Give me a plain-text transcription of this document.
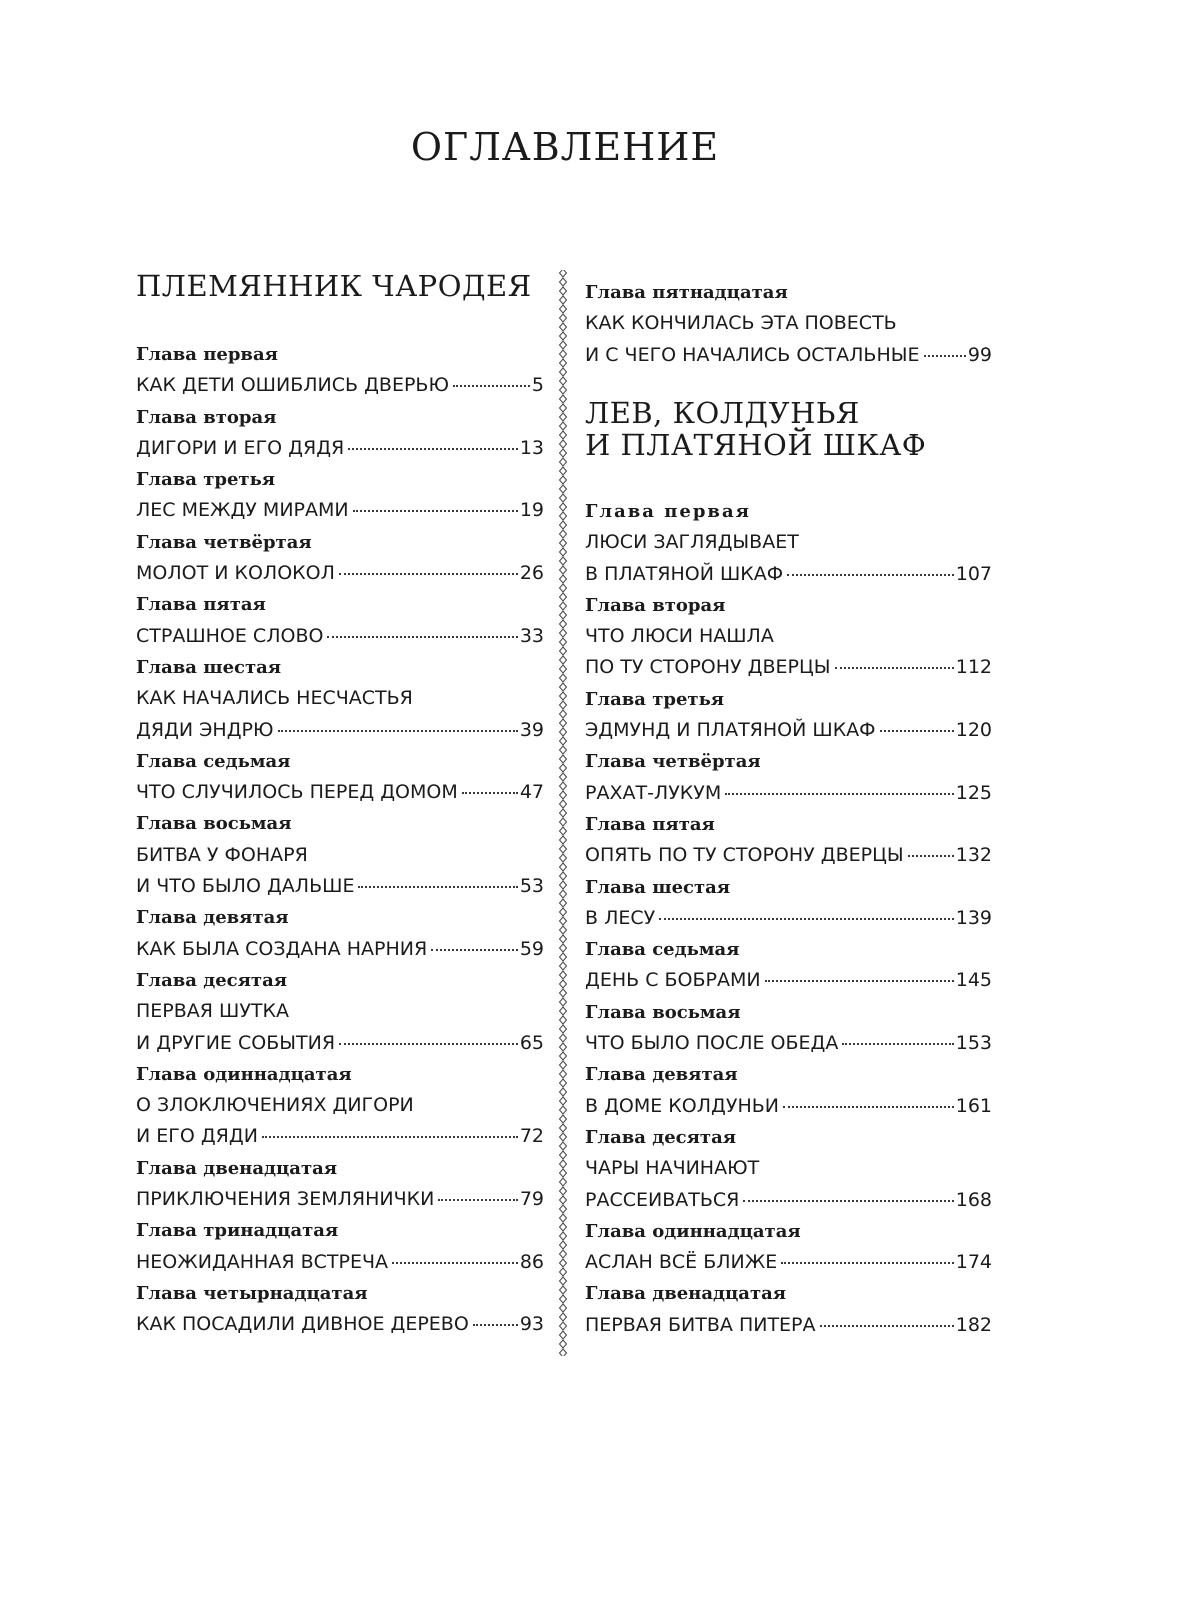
ОГЛАВЛЕНИЕ
ПЛЕМЯННИК ЧАРОДЕЯ
Глава первая
КАК ДЕТИ ОШИБЛИСЬ ДВЕРЬЮ	5
Глава вторая
ДИГОРИ И ЕГО ДЯДЯ	13
Глава третья
ЛЕС МЕЖДУ МИРАМИ	19
Глава четвёртая
МОЛОТ И КОЛОКОЛ	26
Глава пятая
СТРАШНОЕ СЛОВО	33
Глава шестая
КАК НАЧАЛИСЬ НЕСЧАСТЬЯ
ДЯДИ ЭНДРЮ	39
Глава седьмая
ЧТО СЛУЧИЛОСЬ ПЕРЕД ДОМОМ	47
Глава восьмая
БИТВА У ФОНАРЯ
И ЧТО БЫЛО ДАЛЬШЕ	53
Глава девятая
КАК БЫЛА СОЗДАНА НАРНИЯ	59
Глава десятая
ПЕРВАЯ ШУТКА
И ДРУГИЕ СОБЫТИЯ	65
Глава одиннадцатая
О ЗЛОКЛЮЧЕНИЯХ ДИГОРИ
И ЕГО ДЯДИ	72
Глава двенадцатая
ПРИКЛЮЧЕНИЯ ЗЕМЛЯНИЧКИ	79
Глава тринадцатая
НЕОЖИДАННАЯ ВСТРЕЧА	86
Глава четырнадцатая
КАК ПОСАДИЛИ ДИВНОЕ ДЕРЕВО	93
Глава пятнадцатая
КАК КОНЧИЛАСЬ ЭТА ПОВЕСТЬ
И С ЧЕГО НАЧАЛИСЬ ОСТАЛЬНЫЕ	99
ЛЕВ, КОЛДУНЬЯ
И ПЛАТЯНОЙ ШКАФ
Глава первая
ЛЮСИ ЗАГЛЯДЫВАЕТ
В ПЛАТЯНОЙ ШКАФ	107
Глава вторая
ЧТО ЛЮСИ НАШЛА
ПО ТУ СТОРОНУ ДВЕРЦЫ	112
Глава третья
ЭДМУНД И ПЛАТЯНОЙ ШКАФ	120
Глава четвёртая
РАХАТ-ЛУКУМ	125
Глава пятая
ОПЯТЬ ПО ТУ СТОРОНУ ДВЕРЦЫ	132
Глава шестая
В ЛЕСУ	139
Глава седьмая
ДЕНЬ С БОБРАМИ	145
Глава восьмая
ЧТО БЫЛО ПОСЛЕ ОБЕДА	153
Глава девятая
В ДОМЕ КОЛДУНЬИ	161
Глава десятая
ЧАРЫ НАЧИНАЮТ
РАССЕИВАТЬСЯ	168
Глава одиннадцатая
АСЛАН ВСЁ БЛИЖЕ	174
Глава двенадцатая
ПЕРВАЯ БИТВА ПИТЕРА	182
